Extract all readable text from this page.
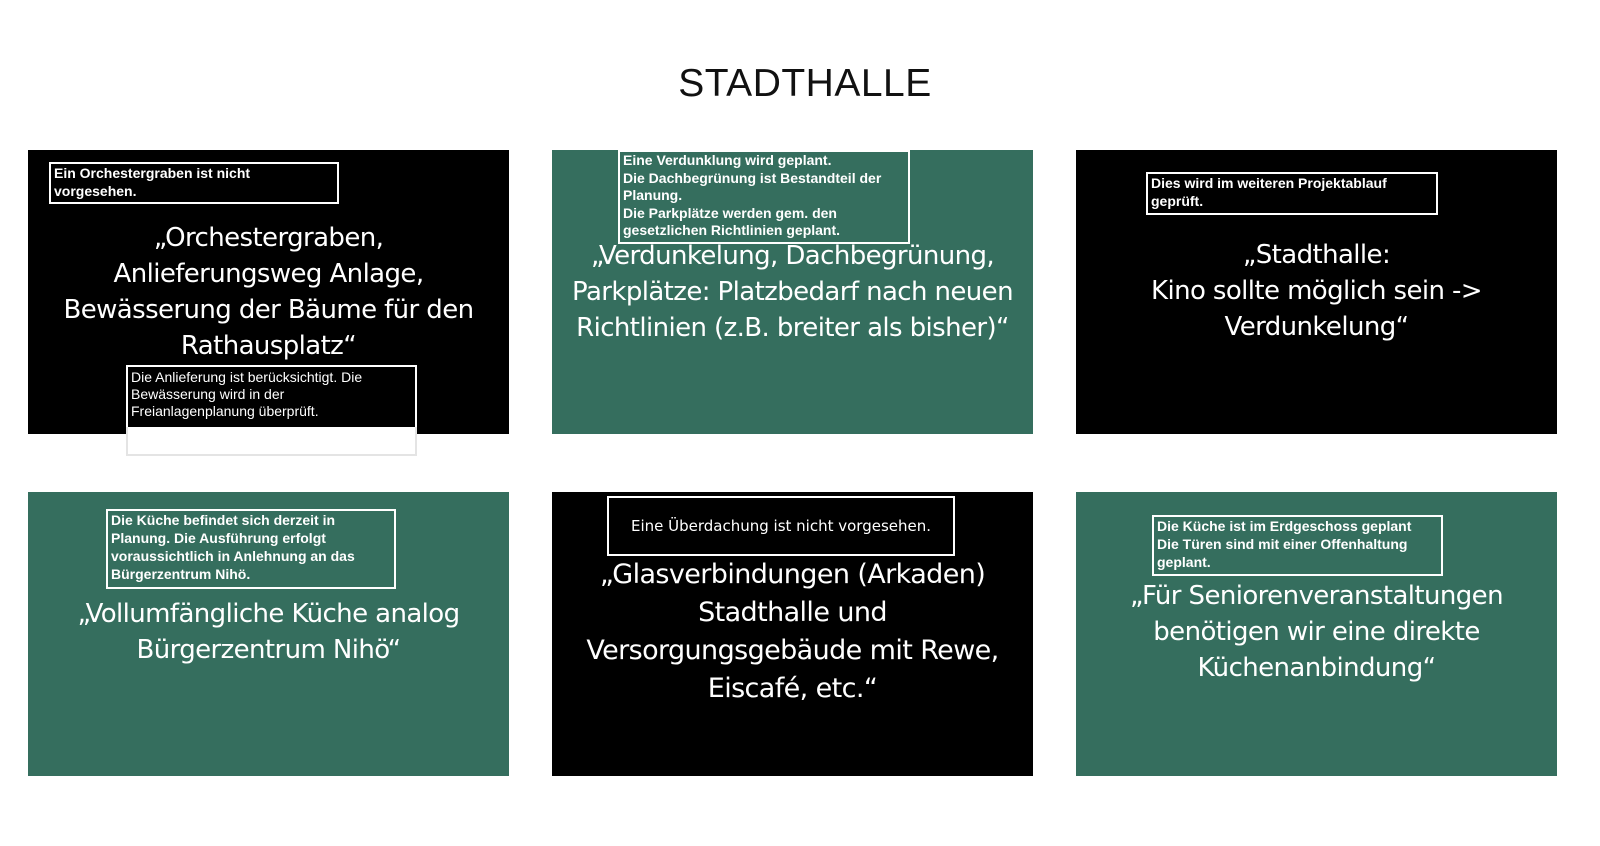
STADTHALLE
„Orchestergraben,
Anlieferungsweg Anlage,
Bewässerung der Bäume für den
Rathausplatz“
Ein Orchestergraben ist nicht
vorgesehen.
Die Anlieferung ist berücksichtigt. Die
Bewässerung wird in der
Freianlagenplanung überprüft.
„Verdunkelung, Dachbegrünung,
Parkplätze: Platzbedarf nach neuen
Richtlinien (z.B. breiter als bisher)“
Eine Verdunklung wird geplant.
Die Dachbegrünung ist Bestandteil der
Planung.
Die Parkplätze werden gem. den
gesetzlichen Richtlinien geplant.
„Stadthalle:
Kino sollte möglich sein ->
Verdunkelung“
Dies wird im weiteren Projektablauf
geprüft.
„Vollumfängliche Küche analog
Bürgerzentrum Nihö“
Die Küche befindet sich derzeit in
Planung. Die Ausführung erfolgt
voraussichtlich in Anlehnung an das
Bürgerzentrum Nihö.	„Glasverbindungen (Arkaden)
Stadthalle und
Versorgungsgebäude mit Rewe,
Eiscafé, etc.“
Eine Überdachung ist nicht vorgesehen.
„Für Seniorenveranstaltungen
benötigen wir eine direkte
Küchenanbindung“
Die Küche ist im Erdgeschoss geplant
Die Türen sind mit einer Offenhaltung
geplant.
